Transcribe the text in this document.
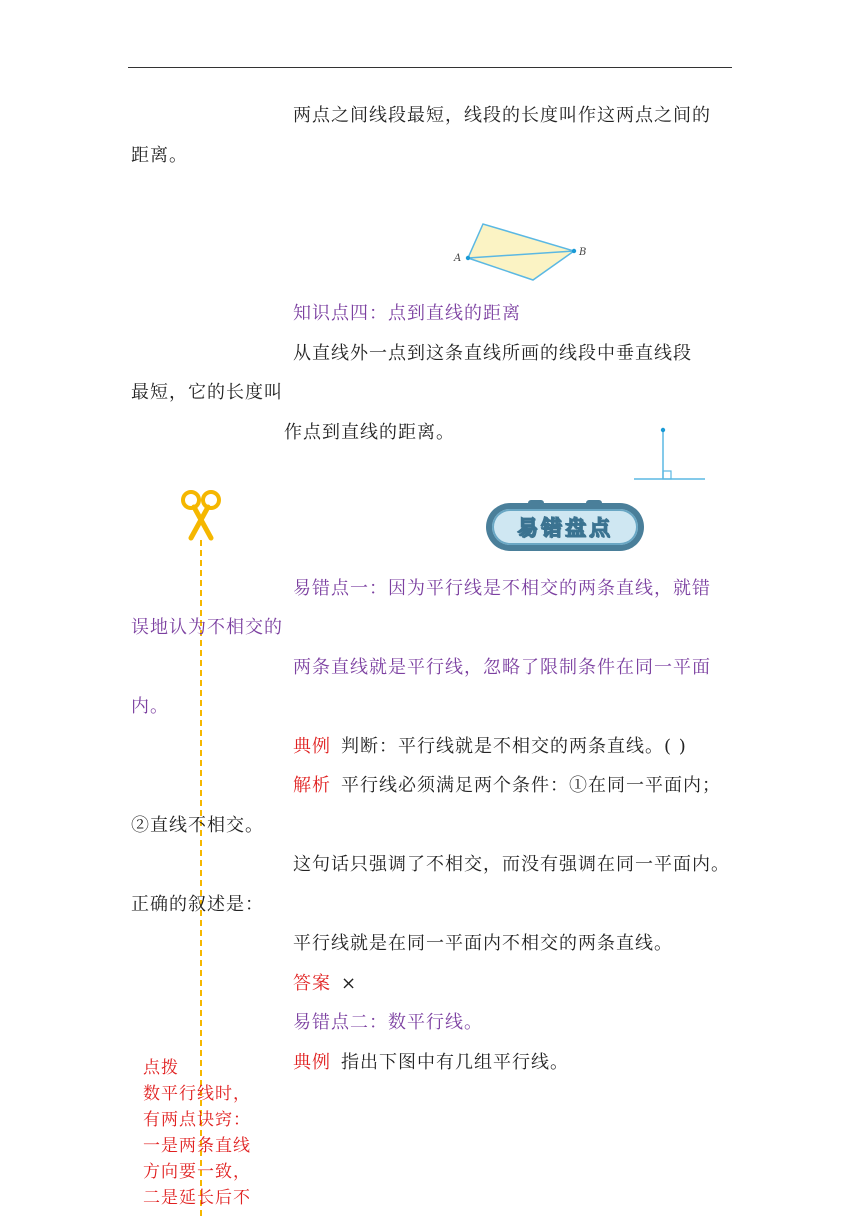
两点之间线段最短，线段的长度叫作这两点之间的
距离。
A
B
知识点四：点到直线的距离
从直线外一点到这条直线所画的线段中垂直线段
最短，它的长度叫
作点到直线的距离。
易错盘点
易错点一：因为平行线是不相交的两条直线，就错
误地认为不相交的
两条直线就是平行线，忽略了限制条件在同一平面
内。
典例 判断：平行线就是不相交的两条直线。( )
解析 平行线必须满足两个条件：①在同一平面内；
②直线不相交。
这句话只强调了不相交，而没有强调在同一平面内。
正确的叙述是：
平行线就是在同一平面内不相交的两条直线。
答案 ×
易错点二：数平行线。
典例 指出下图中有几组平行线。
点拨
数平行线时，
有两点诀窍：
一是两条直线
方向要一致，
二是延长后不
